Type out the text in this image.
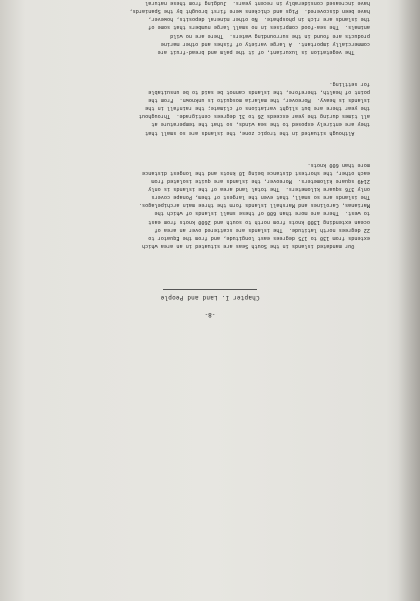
-8-
Chapter I. Land and People

Our mandated islands in the South Seas are situated in an area which
extends from 130 to 175 degrees east longitude, and from the Equator to
22 degrees north latitude.  The islands are scattered over an area of
ocean extending 1300 knots from north to south and 2600 knots from east
to west.  There are more than 600 of these small islands of which the
Marianas, Carolines and Marshall islands form the three main archipelagos.
The islands are so small, that even the largest of them, Ponape covers
only 376 square kilometers.  The total land area of the islands is only
2149 square kilometers.  Moreover, the islands are quite isolated from
each other, the shortest distance being 10 knots and the longest distance
more than 600 knots.

Although situated in the tropic zone, the islands are so small that
they are entirely exposed to the sea winds, so that the temperature at
all times during the year exceeds 26 to 31 degrees centigrade.  Throughout
the year there are but slight variations of climate; the rainfall in the
islands is heavy.  Moreover, the malaria mosquito is unknown.  From the
point of health, therefore, the islands cannot be said to be unsuitable
for settling.

The vegetation is luxuriant, of it the palm and bread-fruit are
commercially important.  A large variety of fishes and other marine
products are found in the surrounding waters.  There are no wild
animals.  The sea-food comprises in no small large numbers that some of
the islands are rich in phosphate.  No other mineral deposits, however,
have been discovered.  Pigs and chickens were first brought by the Spaniards,
have increased considerably in recent years.  Judging from these natural
